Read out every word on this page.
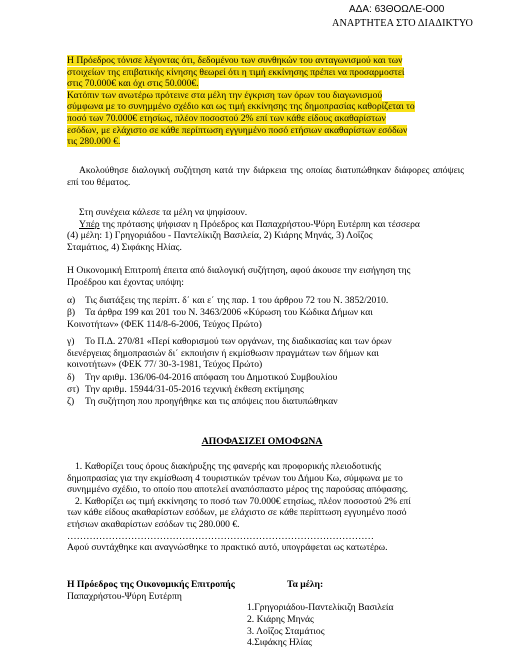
ΑΔΑ: 63ΘΟΩΛΕ-Ο00
ΑΝΑΡΤΗΤΕΑ ΣΤΟ ΔΙΑΔΙΚΤΥΟ
Η Πρόεδρος τόνισε λέγοντας ότι, δεδομένου των συνθηκών του ανταγωνισμού και των
στοιχείων της επιβατικής κίνησης θεωρεί ότι η τιμή εκκίνησης πρέπει να προσαρμοστεί
στις 70.000€ και όχι στις 50.000€.
Κατόπιν των ανωτέρω πρότεινε στα μέλη την έγκριση των όρων του διαγωνισμού
σύμφωνα με το συνημμένο σχέδιο και ως τιμή εκκίνησης της δημοπρασίας καθορίζεται το
ποσό των 70.000€ ετησίως, πλέον ποσοστού 2% επί των κάθε είδους ακαθαρίστων
εσόδων, με ελάχιστο σε κάθε περίπτωση εγγυημένο ποσό ετήσιων ακαθαρίστων εσόδων
τις 280.000 €.
Ακολούθησε διαλογική συζήτηση κατά την διάρκεια της οποίας διατυπώθηκαν διάφορες απόψεις επί του θέματος.
Στη συνέχεια κάλεσε τα μέλη να ψηφίσουν.
Υπέρ της πρότασης ψήφισαν η Πρόεδρος και Παπαχρήστου-Ψύρη Ευτέρπη και τέσσερα
(4) μέλη: 1) Γρηγοριάδου - Παντελίκιζη Βασιλεία, 2) Κιάρης Μηνάς, 3) Λοΐζος
Σταμάτιος, 4) Σιφάκης Ηλίας.
Η Οικονομική Επιτροπή έπειτα από διαλογική συζήτηση, αφού άκουσε την εισήγηση της
Προέδρου και έχοντας υπόψη:
α) Τις διατάξεις της περίπτ. δ΄ και ε΄ της παρ. 1 του άρθρου 72 του Ν. 3852/2010.
β) Τα άρθρα 199 και 201 του Ν. 3463/2006 «Κύρωση του Κώδικα Δήμων και
Κοινοτήτων» (ΦΕΚ 114/8-6-2006, Τεύχος Πρώτο)
γ) Το Π.Δ. 270/81 «Περί καθορισμού των οργάνων, της διαδικασίας και των όρων
διενέργειας δημοπρασιών δι΄ εκποιήσιν ή εκμίσθωσιν πραγμάτων των δήμων και
κοινοτήτων» (ΦΕΚ 77/ 30-3-1981, Τεύχος Πρώτο)
δ) Την αριθμ. 136/06-04-2016 απόφαση του Δημοτικού Συμβουλίου
στ) Την αριθμ. 15944/31-05-2016 τεχνική έκθεση εκτίμησης
ζ) Τη συζήτηση που προηγήθηκε και τις απόψεις που διατυπώθηκαν
ΑΠΟΦΑΣΙΖΕΙ ΟΜΟΦΩΝΑ
1. Καθορίζει τους όρους διακήρυξης της φανερής και προφορικής πλειοδοτικής
δημοπρασίας για την εκμίσθωση 4 τουριστικών τρένων του Δήμου Κω, σύμφωνα με το
συνημμένο σχέδιο, το οποίο που αποτελεί αναπόσπαστο μέρος της παρούσας απόφασης.
2. Καθορίζει ως τιμή εκκίνησης το ποσό των 70.000€ ετησίως, πλέον ποσοστού 2% επί
των κάθε είδους ακαθαρίστων εσόδων, με ελάχιστο σε κάθε περίπτωση εγγυημένο ποσό
ετήσιων ακαθαρίστων εσόδων τις 280.000 €.
……………………………………………………………………………………
Αφού συντάχθηκε και αναγνώσθηκε το πρακτικό αυτό, υπογράφεται ως κατωτέρω.
Η Πρόεδρος της Οικονομικής Επιτροπής	Τα μέλη:
Παπαχρήστου-Ψύρη Ευτέρπη
1.Γρηγοριάδου-Παντελίκιζη Βασιλεία
2. Κιάρης Μηνάς
3. Λοΐζος Σταμάτιος
4.Σιφάκης Ηλίας
